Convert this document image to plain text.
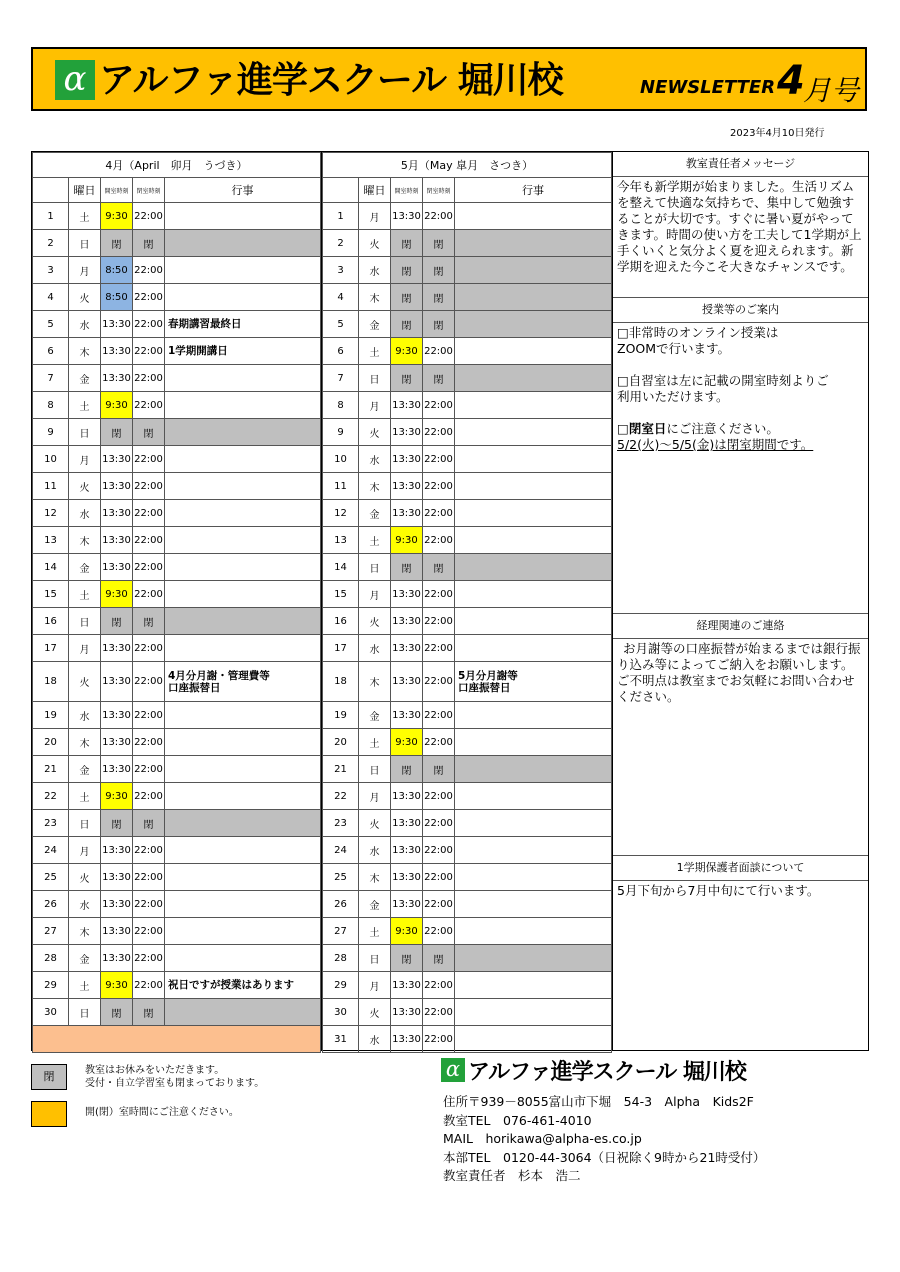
α アルファ進学スクール 堀川校	NEWSLETTER 4
月号
2023年4月10日発行
4月（April　卯月　うづき）				
	曜日	開室時刻	閉室時刻	行事
1	土	9:30	22:00	
2	日	閉	閉	
3	月	8:50	22:00	
4	火	8:50	22:00	
5	水	13:30	22:00	春期講習最終日

6	木	13:30	22:00	1学期開講日

7	金	13:30	22:00	
8	土	9:30	22:00	
9	日	閉	閉	
10	月	13:30	22:00	
11	火	13:30	22:00	
12	水	13:30	22:00	
13	木	13:30	22:00	
14	金	13:30	22:00	
15	土	9:30	22:00	
16	日	閉	閉	
17	月	13:30	22:00	
18	火	13:30	22:00	4月分月謝・管理費等
口座振替日

19	水	13:30	22:00	
20	木	13:30	22:00	
21	金	13:30	22:00	
22	土	9:30	22:00	
23	日	閉	閉	
24	月	13:30	22:00	
25	火	13:30	22:00	
26	水	13:30	22:00	
27	木	13:30	22:00	
28	金	13:30	22:00	
29	土	9:30	22:00	祝日ですが授業はあります

30	日	閉	閉	

5月（May 皐月　さつき）				
	曜日	開室時刻	閉室時刻	行事
1	月	13:30	22:00	
2	火	閉	閉	
3	水	閉	閉	
4	木	閉	閉	
5	金	閉	閉	
6	土	9:30	22:00	
7	日	閉	閉	
8	月	13:30	22:00	
9	火	13:30	22:00	
10	水	13:30	22:00	
11	木	13:30	22:00	
12	金	13:30	22:00	
13	土	9:30	22:00	
14	日	閉	閉	
15	月	13:30	22:00	
16	火	13:30	22:00	
17	水	13:30	22:00	
18	木	13:30	22:00	5月分月謝等
口座振替日

19	金	13:30	22:00	
20	土	9:30	22:00	
21	日	閉	閉	
22	月	13:30	22:00	
23	火	13:30	22:00	
24	水	13:30	22:00	
25	木	13:30	22:00	
26	金	13:30	22:00	
27	土	9:30	22:00	
28	日	閉	閉	
29	月	13:30	22:00	
30	火	13:30	22:00	
31	水	13:30	22:00	
教室責任者メッセージ
今年も新学期が始まりました。生活リズムを整えて快適な気持ちで、集中して勉強することが大切です。すぐに暑い夏がやってきます。時間の使い方を工夫して1学期が上手くいくと気分よく夏を迎えられます。新学期を迎えた今こそ大きなチャンスです。
授業等のご案内

□非常時のオンライン授業は

ZOOMで行います。

□自習室は左に記載の開室時刻よりご

利用いただけます。

□閉室日にご注意ください。

5/2(火)～5/5(金)は閉室期間です。

経理関連のご連絡
お月謝等の口座振替が始まるまでは銀行振り込み等によってご納入をお願いします。ご不明点は教室までお気軽にお問い合わせください。
1学期保護者面談について
5月下旬から7月中旬にて行います。
閉	教室はお休みをいただきます。
受付・自立学習室も閉まっております。
開(閉）室時間にご注意ください。
α アルファ進学スクール 堀川校
住所〒939－8055富山市下堀　54-3　Alpha　Kids2F
教室TEL　076-461-4010
MAIL　horikawa@alpha-es.co.jp
本部TEL　0120-44-3064（日祝除く9時から21時受付）
教室責任者　杉本　浩二
